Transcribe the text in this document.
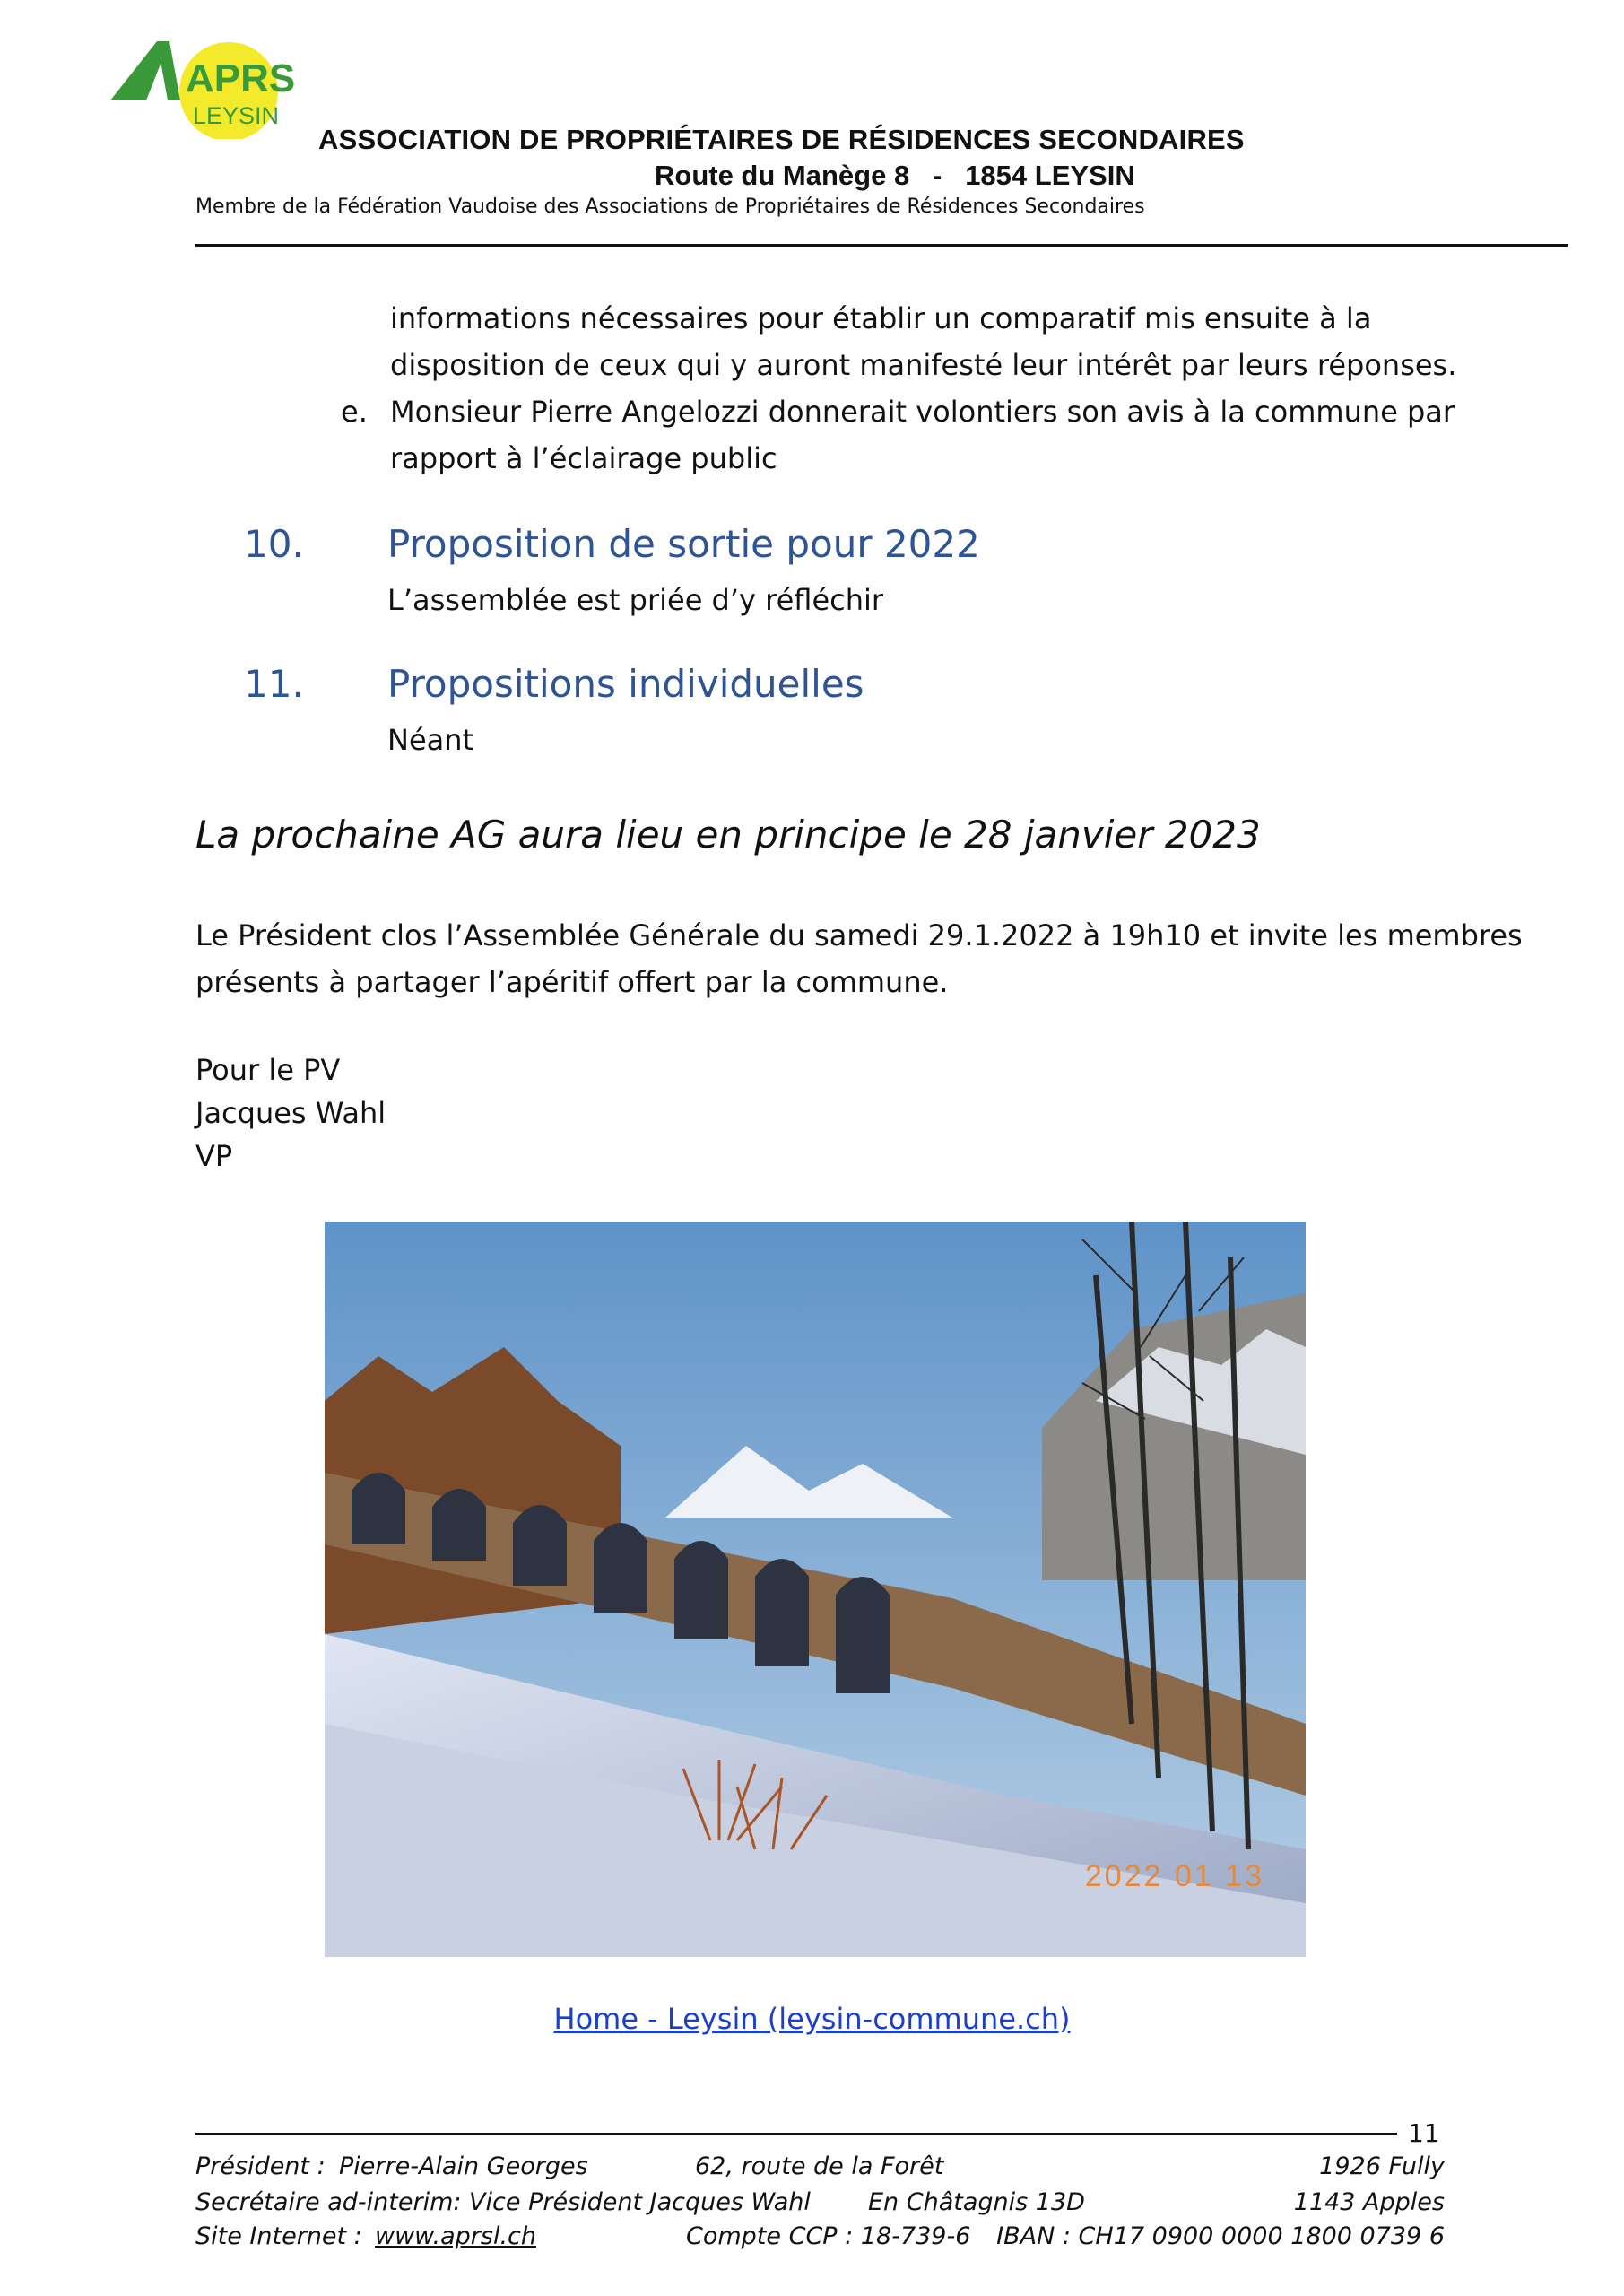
APRS
LEYSIN
ASSOCIATION DE PROPRIÉTAIRES DE RÉSIDENCES SECONDAIRES
Route du Manège 8   -   1854 LEYSIN
Membre de la Fédération Vaudoise des Associations de Propriétaires de Résidences Secondaires
informations nécessaires pour établir un comparatif mis ensuite à la
disposition de ceux qui y auront manifesté leur intérêt par leurs réponses.
e. Monsieur Pierre Angelozzi donnerait volontiers son avis à la commune par
rapport à l’éclairage public
10. Proposition de sortie pour 2022
L’assemblée est priée d’y réfléchir
11. Propositions individuelles
Néant
La prochaine AG aura lieu en principe le 28 janvier 2023
Le Président clos l’Assemblée Générale du samedi 29.1.2022 à 19h10 et invite les membres
présents à partager l’apéritif offert par la commune.
Pour le PV
Jacques Wahl
VP
2022 01 13
Home - Leysin (leysin-commune.ch)
11
Président : Pierre-Alain Georges	62, route de la Forêt	1926 Fully
Secrétaire ad-interim: Vice Président Jacques Wahl En Châtagnis 13D	1143 Apples
Site Internet : www.aprsl.ch	Compte CCP : 18-739-6 IBAN : CH17 0900 0000 1800 0739 6
